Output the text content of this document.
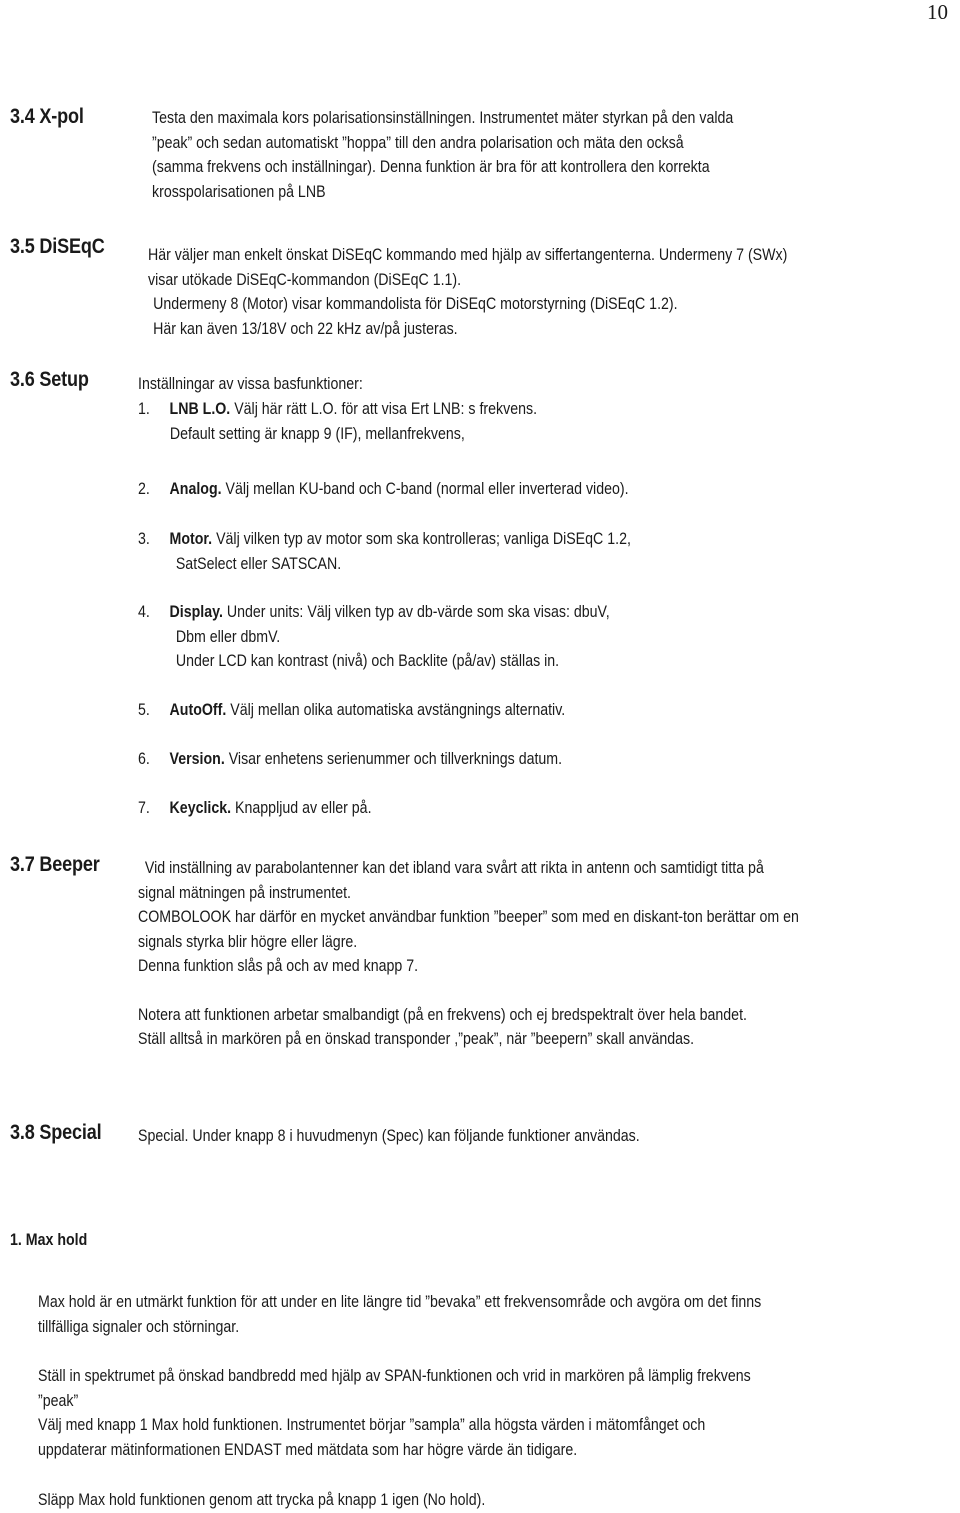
10
3.4 X-pol	Testa den maximala kors polarisationsinställningen. Instrumentet mäter styrkan på den valda
”peak” och sedan automatiskt ”hoppa” till den andra polarisation och mäta den också
(samma frekvens och inställningar). Denna funktion är bra för att kontrollera den korrekta
krosspolarisationen på LNB
3.5 DiSEqC	Här väljer man enkelt önskat DiSEqC kommando med hjälp av siffertangenterna. Undermeny 7 (SWx)
visar utökade DiSEqC-kommandon (DiSEqC 1.1).
Undermeny 8 (Motor) visar kommandolista för DiSEqC motorstyrning (DiSEqC 1.2).
Här kan även 13/18V och 22 kHz av/på justeras.
3.6 Setup	Inställningar av vissa basfunktioner:
1. LNB L.O. Välj här rätt L.O. för att visa Ert LNB: s frekvens.
Default setting är knapp 9 (IF), mellanfrekvens,
2. Analog. Välj mellan KU-band och C-band (normal eller inverterad video).
3. Motor. Välj vilken typ av motor som ska kontrolleras; vanliga DiSEqC 1.2,
SatSelect eller SATSCAN.
4. Display. Under units: Välj vilken typ av db-värde som ska visas: dbuV,
Dbm eller dbmV.
Under LCD kan kontrast (nivå) och Backlite (på/av) ställas in.
5. AutoOff. Välj mellan olika automatiska avstängnings alternativ.
6. Version. Visar enhetens serienummer och tillverknings datum.
7. Keyclick. Knappljud av eller på.
3.7 Beeper	Vid inställning av parabolantenner kan det ibland vara svårt att rikta in antenn och samtidigt titta på
signal mätningen på instrumentet.
COMBOLOOK har därför en mycket användbar funktion ”beeper” som med en diskant-ton berättar om en
signals styrka blir högre eller lägre.
Denna funktion slås på och av med knapp 7.
Notera att funktionen arbetar smalbandigt (på en frekvens) och ej bredspektralt över hela bandet.
Ställ alltså in markören på en önskad transponder ,”peak”, när ”beepern” skall användas.
3.8 Special Special. Under knapp 8 i huvudmenyn (Spec) kan följande funktioner användas.
1. Max hold
Max hold är en utmärkt funktion för att under en lite längre tid ”bevaka” ett frekvensområde och avgöra om det finns
tillfälliga signaler och störningar.
Ställ in spektrumet på önskad bandbredd med hjälp av SPAN-funktionen och vrid in markören på lämplig frekvens
”peak”
Välj med knapp 1 Max hold funktionen. Instrumentet börjar ”sampla” alla högsta värden i mätomfånget och
uppdaterar mätinformationen ENDAST med mätdata som har högre värde än tidigare.
Släpp Max hold funktionen genom att trycka på knapp 1 igen (No hold).
